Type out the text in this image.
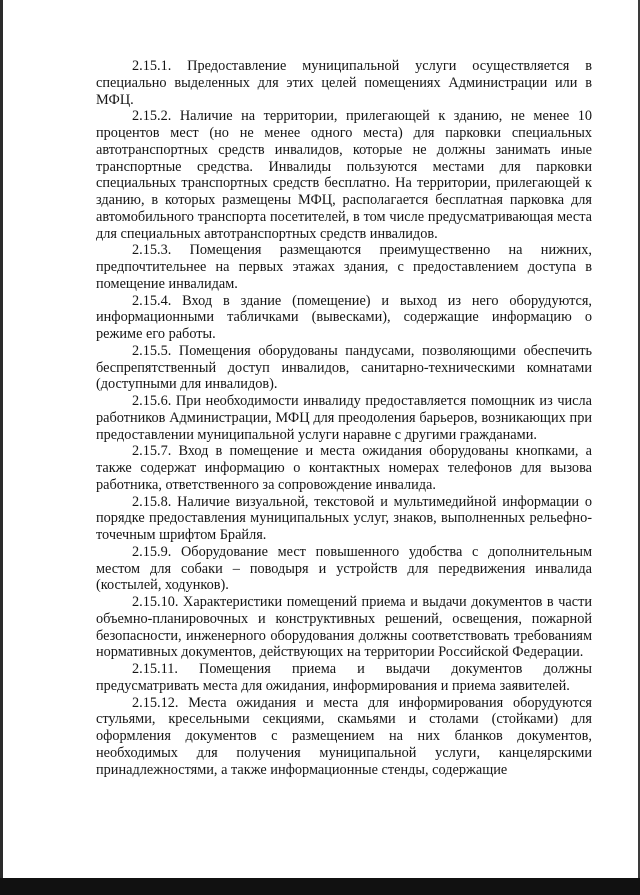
2.15.1. Предоставление муниципальной услуги осуществляется в специально выделенных для этих целей помещениях Администрации или в МФЦ.

2.15.2. Наличие на территории, прилегающей к зданию, не менее 10 процентов мест (но не менее одного места) для парковки специальных автотранспортных средств инвалидов, которые не должны занимать иные транспортные средства. Инвалиды пользуются местами для парковки специальных транспортных средств бесплатно. На территории, прилегающей к зданию, в которых размещены МФЦ, располагается бесплатная парковка для автомобильного транспорта посетителей, в том числе предусматривающая места для специальных автотранспортных средств инвалидов.

2.15.3. Помещения размещаются преимущественно на нижних, предпочтительнее на первых этажах здания, с предоставлением доступа в помещение инвалидам.

2.15.4. Вход в здание (помещение) и выход из него оборудуются, информационными табличками (вывесками), содержащие информацию о режиме его работы.

2.15.5. Помещения оборудованы пандусами, позволяющими обеспечить беспрепятственный доступ инвалидов, санитарно-техническими комнатами (доступными для инвалидов).

2.15.6. При необходимости инвалиду предоставляется помощник из числа работников Администрации, МФЦ для преодоления барьеров, возникающих при предоставлении муниципальной услуги наравне с другими гражданами.

2.15.7. Вход в помещение и места ожидания оборудованы кнопками, а также содержат информацию о контактных номерах телефонов для вызова работника, ответственного за сопровождение инвалида.

2.15.8. Наличие визуальной, текстовой и мультимедийной информации о порядке предоставления муниципальных услуг, знаков, выполненных рельефно-точечным шрифтом Брайля.

2.15.9. Оборудование мест повышенного удобства с дополнительным местом для собаки – поводыря и устройств для передвижения инвалида (костылей, ходунков).

2.15.10. Характеристики помещений приема и выдачи документов в части объемно-планировочных и конструктивных решений, освещения, пожарной безопасности, инженерного оборудования должны соответствовать требованиям нормативных документов, действующих на территории Российской Федерации.

2.15.11. Помещения приема и выдачи документов должны предусматривать места для ожидания, информирования и приема заявителей.

2.15.12. Места ожидания и места для информирования оборудуются стульями, кресельными секциями, скамьями и столами (стойками) для оформления документов с размещением на них бланков документов, необходимых для получения муниципальной услуги, канцелярскими принадлежностями, а также информационные стенды, содержащие
